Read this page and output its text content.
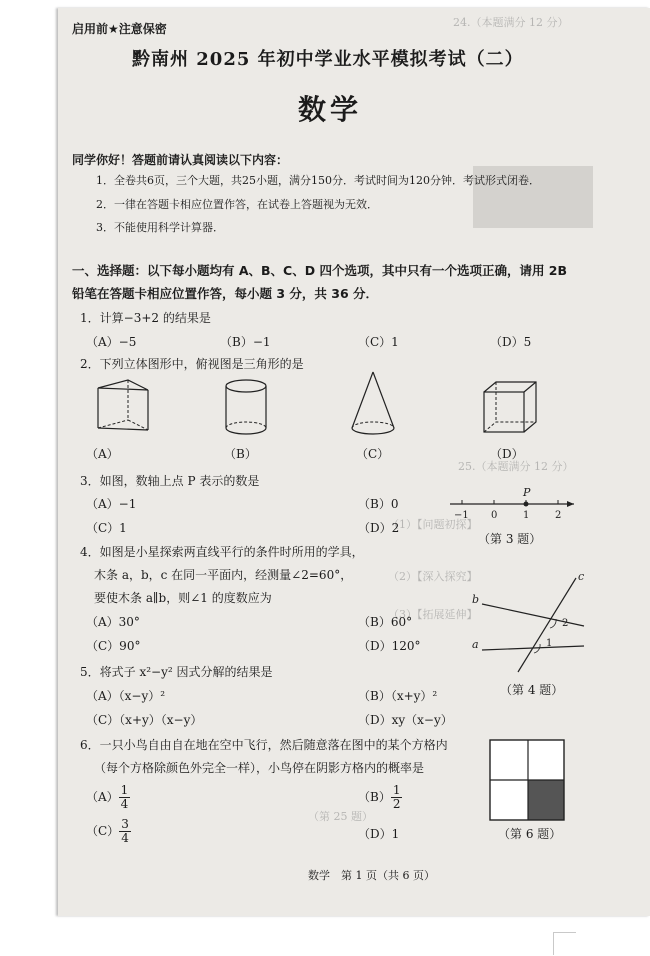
24.（本题满分 12 分）
25.（本题满分 12 分）
（第 25 题）
（1）【问题初探】
（2）【深入探究】
（3）【拓展延伸】
启用前★注意保密
黔南州 2025 年初中学业水平模拟考试（二）
数学
同学你好！答题前请认真阅读以下内容：
1．全卷共6页，三个大题，共25小题，满分150分．考试时间为120分钟．考试形式闭卷．
2．一律在答题卡相应位置作答，在试卷上答题视为无效．
3．不能使用科学计算器．
一、选择题：以下每小题均有 A、B、C、D 四个选项，其中只有一个选项正确，请用 2B
铅笔在答题卡相应位置作答，每小题 3 分，共 36 分．
1．计算−3+2 的结果是
（A）−5	（B）−1	（C）1	（D）5
2．下列立体图形中，俯视图是三角形的是
（A）	（B）	（C）	（D）
3．如图，数轴上点 P 表示的数是
（A）−1	（B）0
（C）1	（D）2
P
−1 0	1	2
（第 3 题）
4．如图是小星探索两直线平行的条件时所用的学具，
木条 a，b，c 在同一平面内，经测量∠2=60°，
要使木条 a∥b，则∠1 的度数应为
（A）30°	（B）60°
（C）90°	（D）120°
b
a
c
2
1
（第 4 题）
5．将式子 x²−y² 因式分解的结果是
（A）（x−y）²	（B）（x+y）²
（C）（x+y）（x−y）	（D）xy（x−y）
6．一只小鸟自由自在地在空中飞行，然后随意落在图中的某个方格内
（每个方格除颜色外完全一样），小鸟停在阴影方格内的概率是
$(A) \frac{1}{4}$	$(B) \frac{1}{2}$
$(C) \frac{3}{4}$	（D）1	（第 6 题）
数学　第 1 页（共 6 页）
